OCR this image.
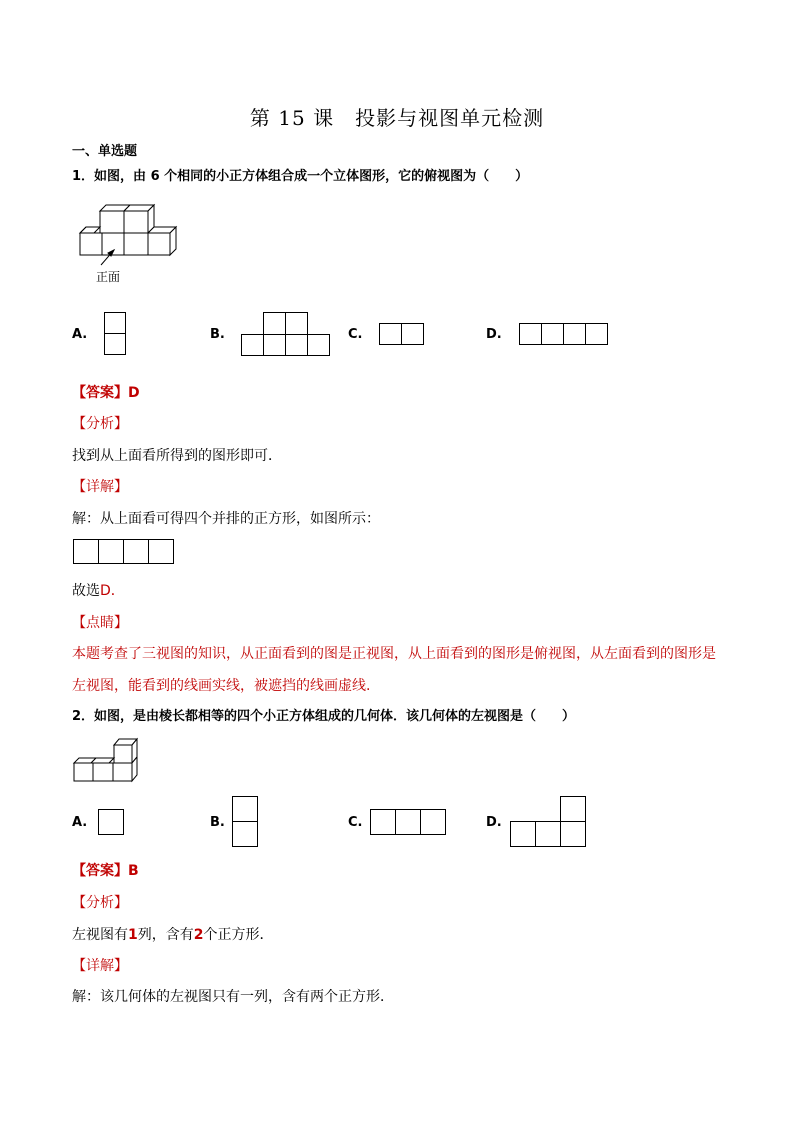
第 15 课　投影与视图单元检测
一、单选题
1．如图，由 6 个相同的小正方体组合成一个立体图形，它的俯视图为（　　）
正面
A.	B.	C.	D.
【答案】D
【分析】
找到从上面看所得到的图形即可．
【详解】
解：从上面看可得四个并排的正方形，如图所示：
故选D．
【点睛】
本题考查了三视图的知识，从正面看到的图是正视图，从上面看到的图形是俯视图，从左面看到的图形是
左视图，能看到的线画实线，被遮挡的线画虚线.
2．如图，是由棱长都相等的四个小正方体组成的几何体．该几何体的左视图是（　　）
A.	B.	C.	D.
【答案】B
【分析】
左视图有1列，含有2个正方形．
【详解】
解：该几何体的左视图只有一列，含有两个正方形．
